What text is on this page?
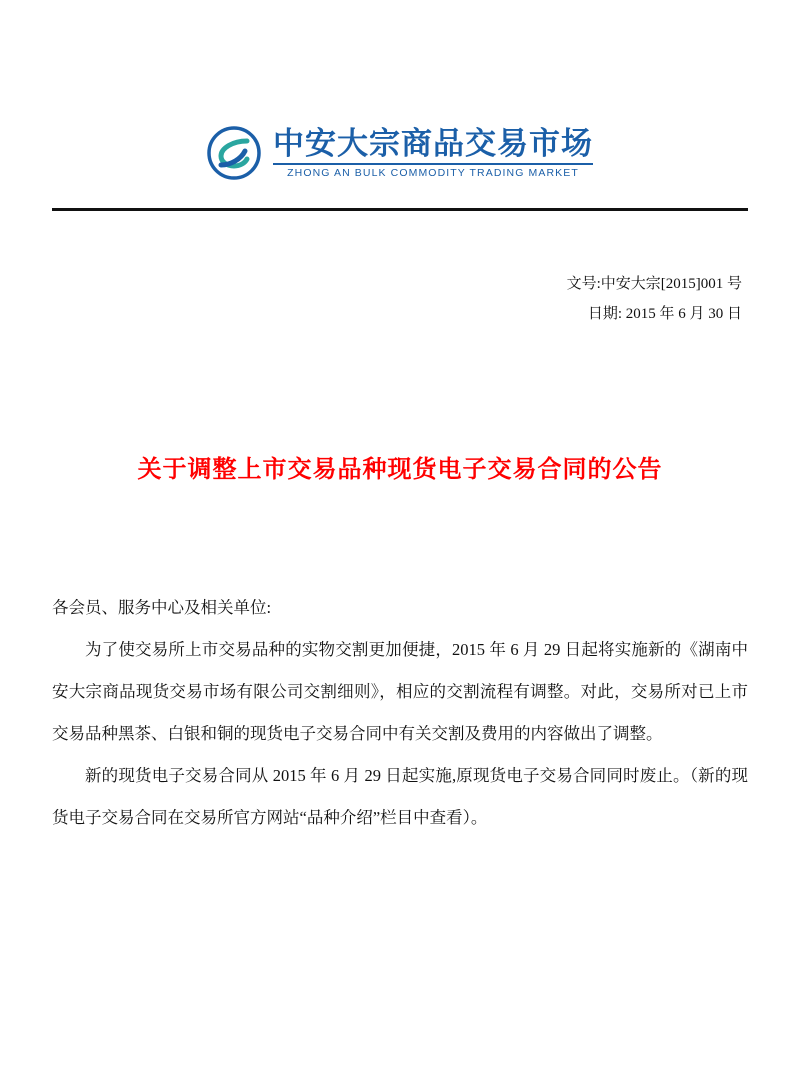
中安大宗商品交易市场
ZHONG AN BULK COMMODITY TRADING MARKET
文号:中安大宗[2015]001 号
日期: 2015 年 6 月 30 日
关于调整上市交易品种现货电子交易合同的公告

各会员、服务中心及相关单位:

为了使交易所上市交易品种的实物交割更加便捷，2015 年 6 月 29 日起将实施新的《湖南中安大宗商品现货交易市场有限公司交割细则》，相应的交割流程有调整。对此，交易所对已上市交易品种黑茶、白银和铜的现货电子交易合同中有关交割及费用的内容做出了调整。

新的现货电子交易合同从 2015 年 6 月 29 日起实施,原现货电子交易合同同时废止。（新的现货电子交易合同在交易所官方网站“品种介绍”栏目中查看）。
